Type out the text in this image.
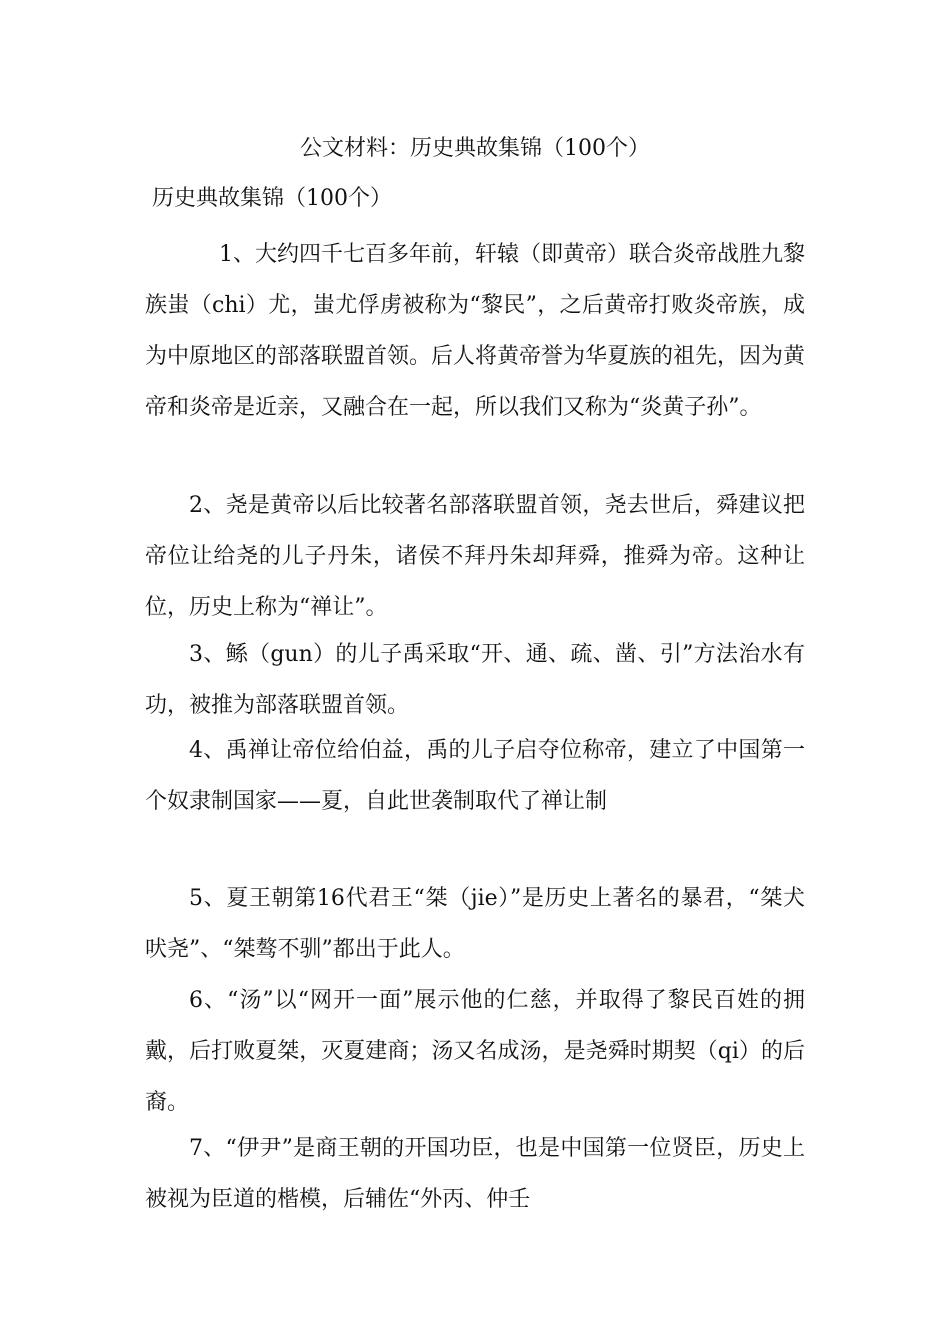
公文材料：历史典故集锦（100个）
历史典故集锦（100个）

1、大约四千七百多年前，轩辕（即黄帝）联合炎帝战胜九黎族蚩（chi）尤，蚩尤俘虏被称为“黎民”，之后黄帝打败炎帝族，成为中原地区的部落联盟首领。后人将黄帝誉为华夏族的祖先，因为黄帝和炎帝是近亲，又融合在一起，所以我们又称为“炎黄子孙”。

2、尧是黄帝以后比较著名部落联盟首领，尧去世后，舜建议把帝位让给尧的儿子丹朱，诸侯不拜丹朱却拜舜，推舜为帝。这种让位，历史上称为“禅让”。

3、鲧（gun）的儿子禹采取“开、通、疏、凿、引”方法治水有功，被推为部落联盟首领。

4、禹禅让帝位给伯益，禹的儿子启夺位称帝，建立了中国第一个奴隶制国家——夏，自此世袭制取代了禅让制

5、夏王朝第16代君王“桀（jie）”是历史上著名的暴君，“桀犬吠尧”、“桀骜不驯”都出于此人。

6、“汤”以“网开一面”展示他的仁慈，并取得了黎民百姓的拥戴，后打败夏桀，灭夏建商；汤又名成汤，是尧舜时期契（qi）的后裔。

7、“伊尹”是商王朝的开国功臣，也是中国第一位贤臣，历史上被视为臣道的楷模，后辅佐“外丙、仲壬
